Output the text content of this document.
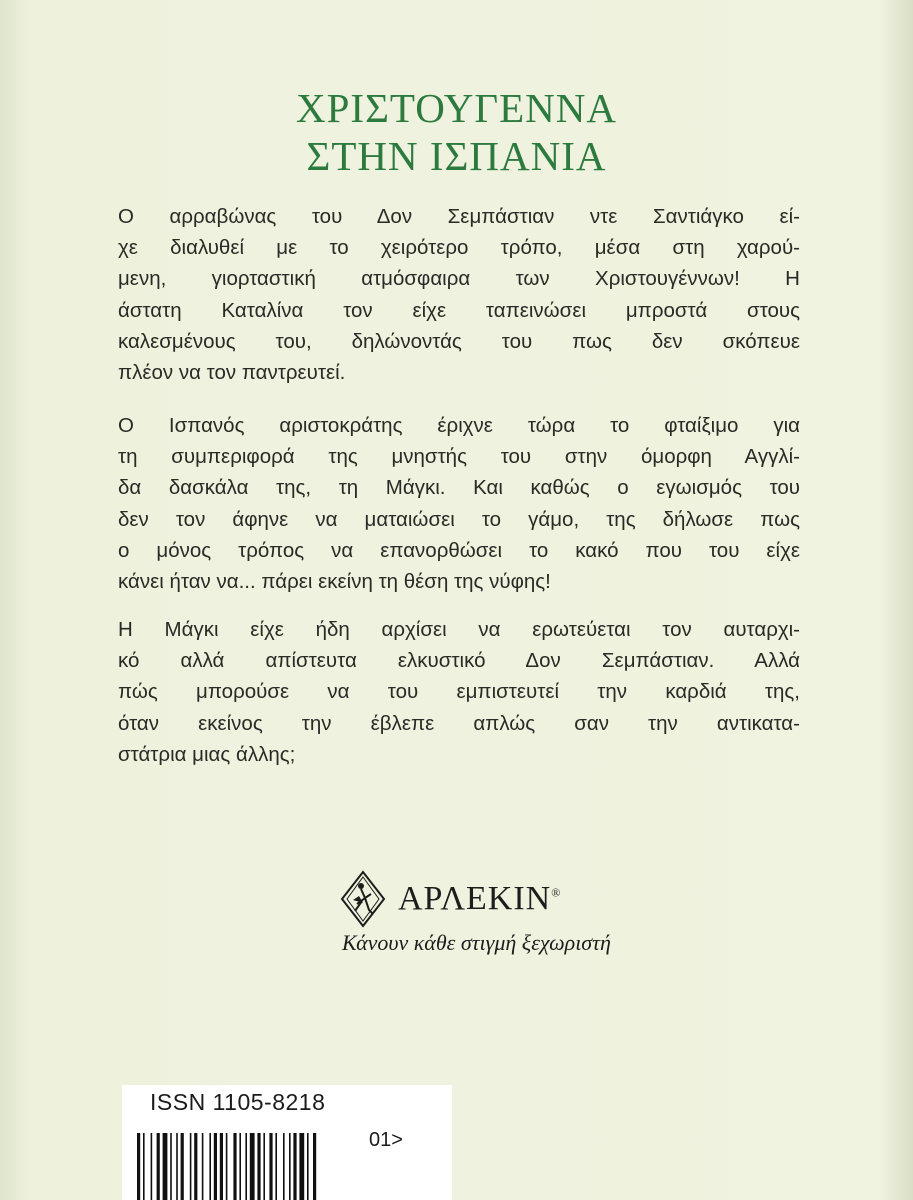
ΧΡΙΣΤΟΥΓΕΝΝΑ
ΣΤΗΝ ΙΣΠΑΝΙΑ
Ο αρραβώνας του Δον Σεμπάστιαν ντε Σαντιάγκο εί-
χε διαλυθεί με το χειρότερο τρόπο, μέσα στη χαρού-
μενη, γιορταστική ατμόσφαιρα των Χριστουγέννων! Η
άστατη Καταλίνα τον είχε ταπεινώσει μπροστά στους
καλεσμένους του, δηλώνοντάς του πως δεν σκόπευε
πλέον να τον παντρευτεί.
Ο Ισπανός αριστοκράτης έριχνε τώρα το φταίξιμο για
τη συμπεριφορά της μνηστής του στην όμορφη Αγγλί-
δα δασκάλα της, τη Μάγκι. Και καθώς ο εγωισμός του
δεν τον άφηνε να ματαιώσει το γάμο, της δήλωσε πως
ο μόνος τρόπος να επανορθώσει το κακό που του είχε
κάνει ήταν να... πάρει εκείνη τη θέση της νύφης!
Η Μάγκι είχε ήδη αρχίσει να ερωτεύεται τον αυταρχι-
κό αλλά απίστευτα ελκυστικό Δον Σεμπάστιαν. Αλλά
πώς μπορούσε να του εμπιστευτεί την καρδιά της,
όταν εκείνος την έβλεπε απλώς σαν την αντικατα-
στάτρια μιας άλλης;
ΑΡΛΕΚΙΝ®
Κάνουν κάθε στιγμή ξεχωριστή
ISSN 1105-8218
01>
